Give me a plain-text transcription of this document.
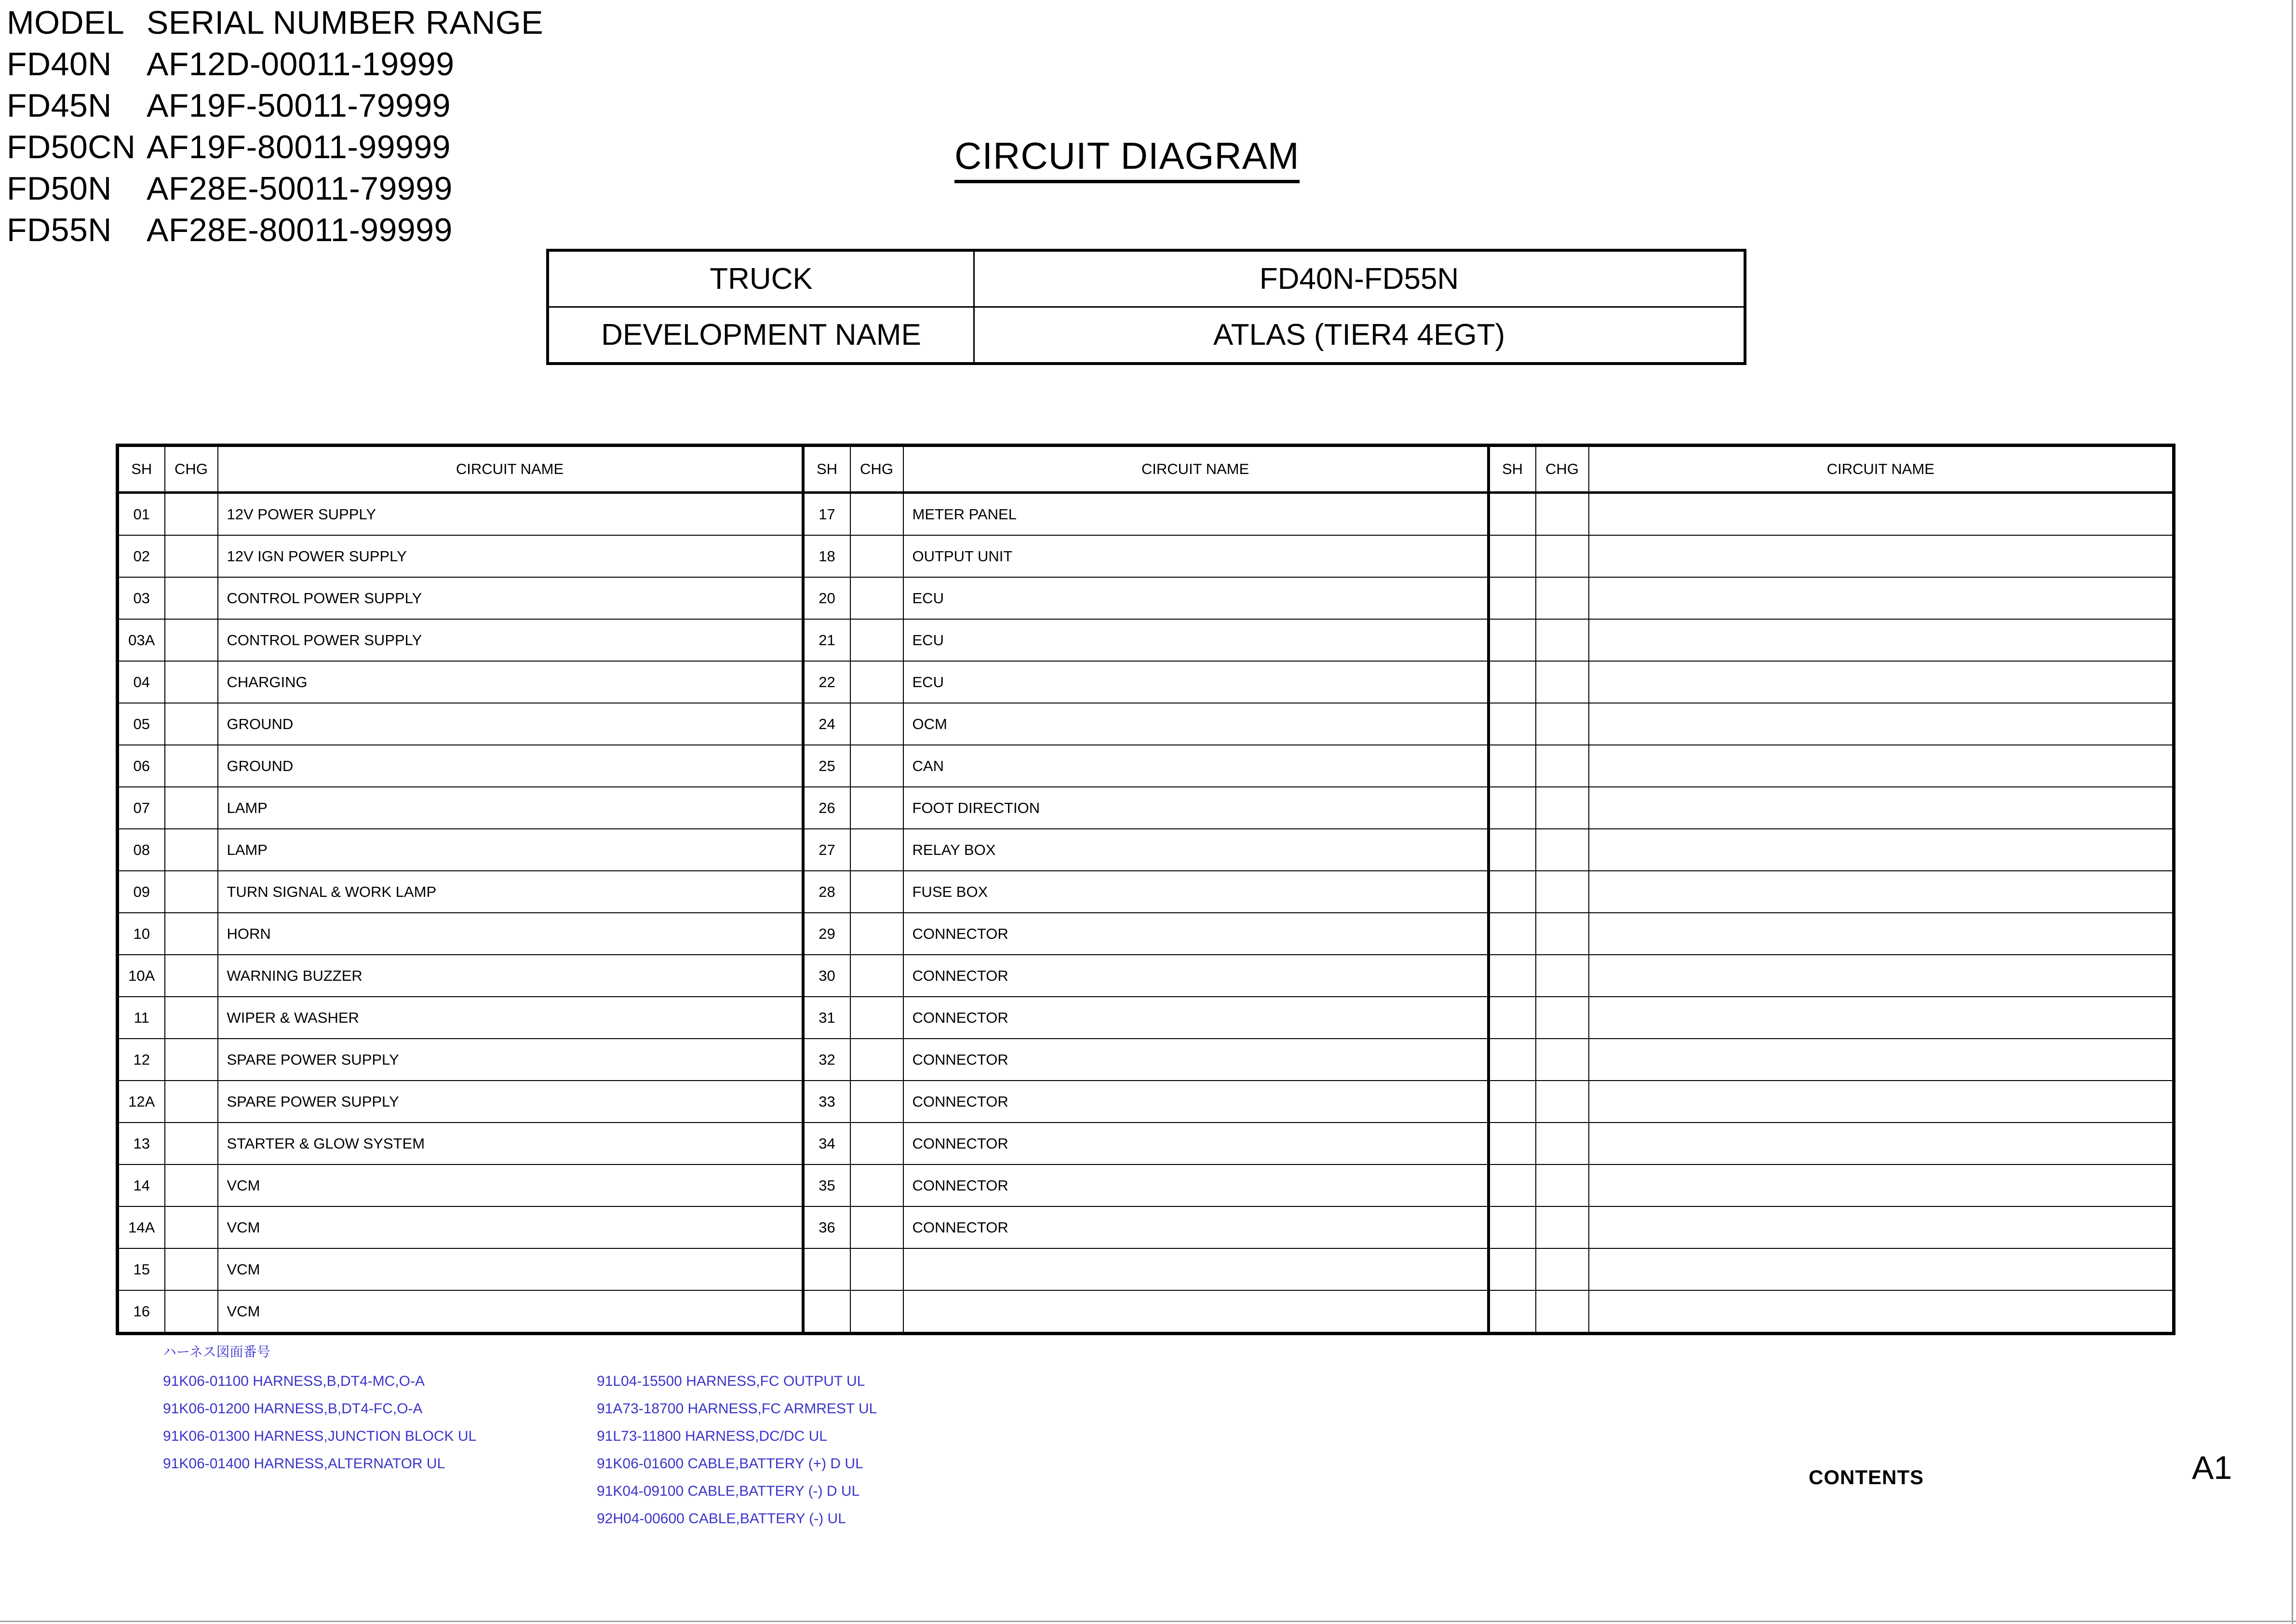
MODEL SERIAL NUMBER RANGE
FD40N	AF12D-00011-19999
FD45N	AF19F-50011-79999
FD50CN AF19F-80011-99999
FD50N	AF28E-50011-79999
FD55N	AF28E-80011-99999
CIRCUIT DIAGRAM
TRUCK	FD40N-FD55N
DEVELOPMENT NAME	ATLAS (TIER4 4EGT)
SH	CHG	CIRCUIT NAME	SH	CHG	CIRCUIT NAME	SH	CHG	CIRCUIT NAME
01		12V POWER SUPPLY	17		METER PANEL			
02		12V IGN POWER SUPPLY	18		OUTPUT UNIT			
03		CONTROL POWER SUPPLY	20		ECU			
03A		CONTROL POWER SUPPLY	21		ECU			
04		CHARGING	22		ECU			
05		GROUND	24		OCM			
06		GROUND	25		CAN			
07		LAMP	26		FOOT DIRECTION			
08		LAMP	27		RELAY BOX			
09		TURN SIGNAL & WORK LAMP	28		FUSE BOX			
10		HORN	29		CONNECTOR			
10A		WARNING BUZZER	30		CONNECTOR			
11		WIPER & WASHER	31		CONNECTOR			
12		SPARE POWER SUPPLY	32		CONNECTOR			
12A		SPARE POWER SUPPLY	33		CONNECTOR			
13		STARTER & GLOW SYSTEM	34		CONNECTOR			
14		VCM	35		CONNECTOR			
14A		VCM	36		CONNECTOR			
15		VCM						
16		VCM						
ハーネス図面番号
91K06-01100 HARNESS,B,DT4-MC,O-A
91K06-01200 HARNESS,B,DT4-FC,O-A
91K06-01300 HARNESS,JUNCTION BLOCK UL
91K06-01400 HARNESS,ALTERNATOR UL
91L04-15500 HARNESS,FC OUTPUT UL
91A73-18700 HARNESS,FC ARMREST UL
91L73-11800 HARNESS,DC/DC UL
91K06-01600 CABLE,BATTERY (+) D UL
91K04-09100 CABLE,BATTERY (-) D UL
92H04-00600 CABLE,BATTERY (-) UL
CONTENTS	A1
